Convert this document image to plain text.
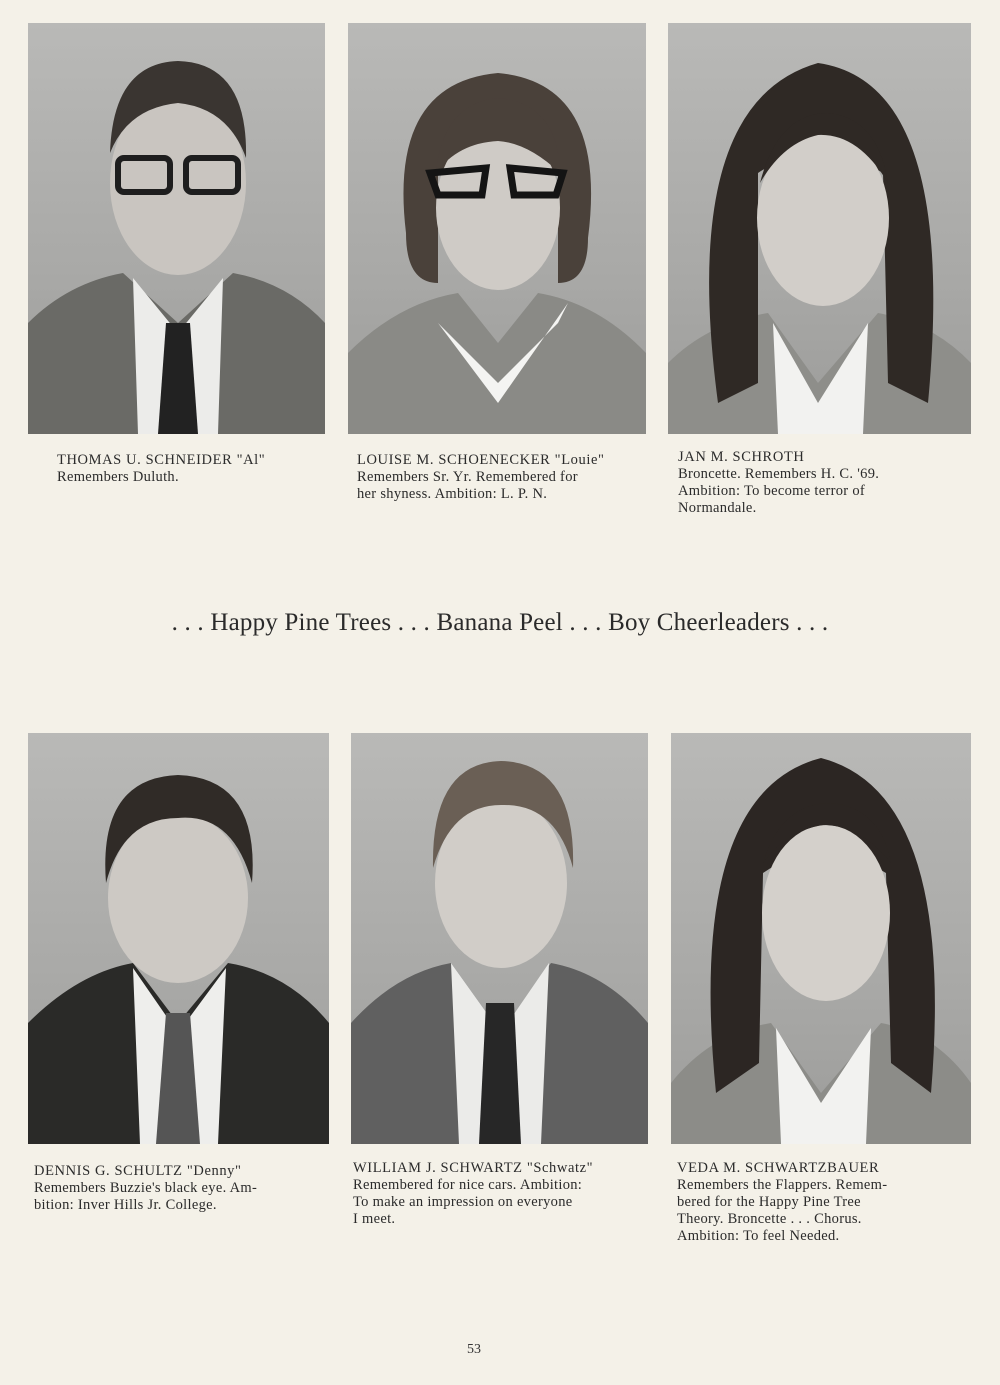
THOMAS U. SCHNEIDER "Al"
Remembers Duluth.
LOUISE M. SCHOENECKER "Louie"
Remembers Sr. Yr. Remembered for
her shyness. Ambition: L. P. N.
JAN M. SCHROTH
Broncette. Remembers H. C. '69.
Ambition: To become terror of
Normandale.
. . . Happy Pine Trees . . . Banana Peel . . . Boy Cheerleaders . . .
DENNIS G. SCHULTZ "Denny"
Remembers Buzzie's black eye. Am-
bition: Inver Hills Jr. College.
WILLIAM J. SCHWARTZ "Schwatz"
Remembered for nice cars. Ambition:
To make an impression on everyone
I meet.
VEDA M. SCHWARTZBAUER
Remembers the Flappers. Remem-
bered for the Happy Pine Tree
Theory. Broncette . . . Chorus.
Ambition: To feel Needed.
53
